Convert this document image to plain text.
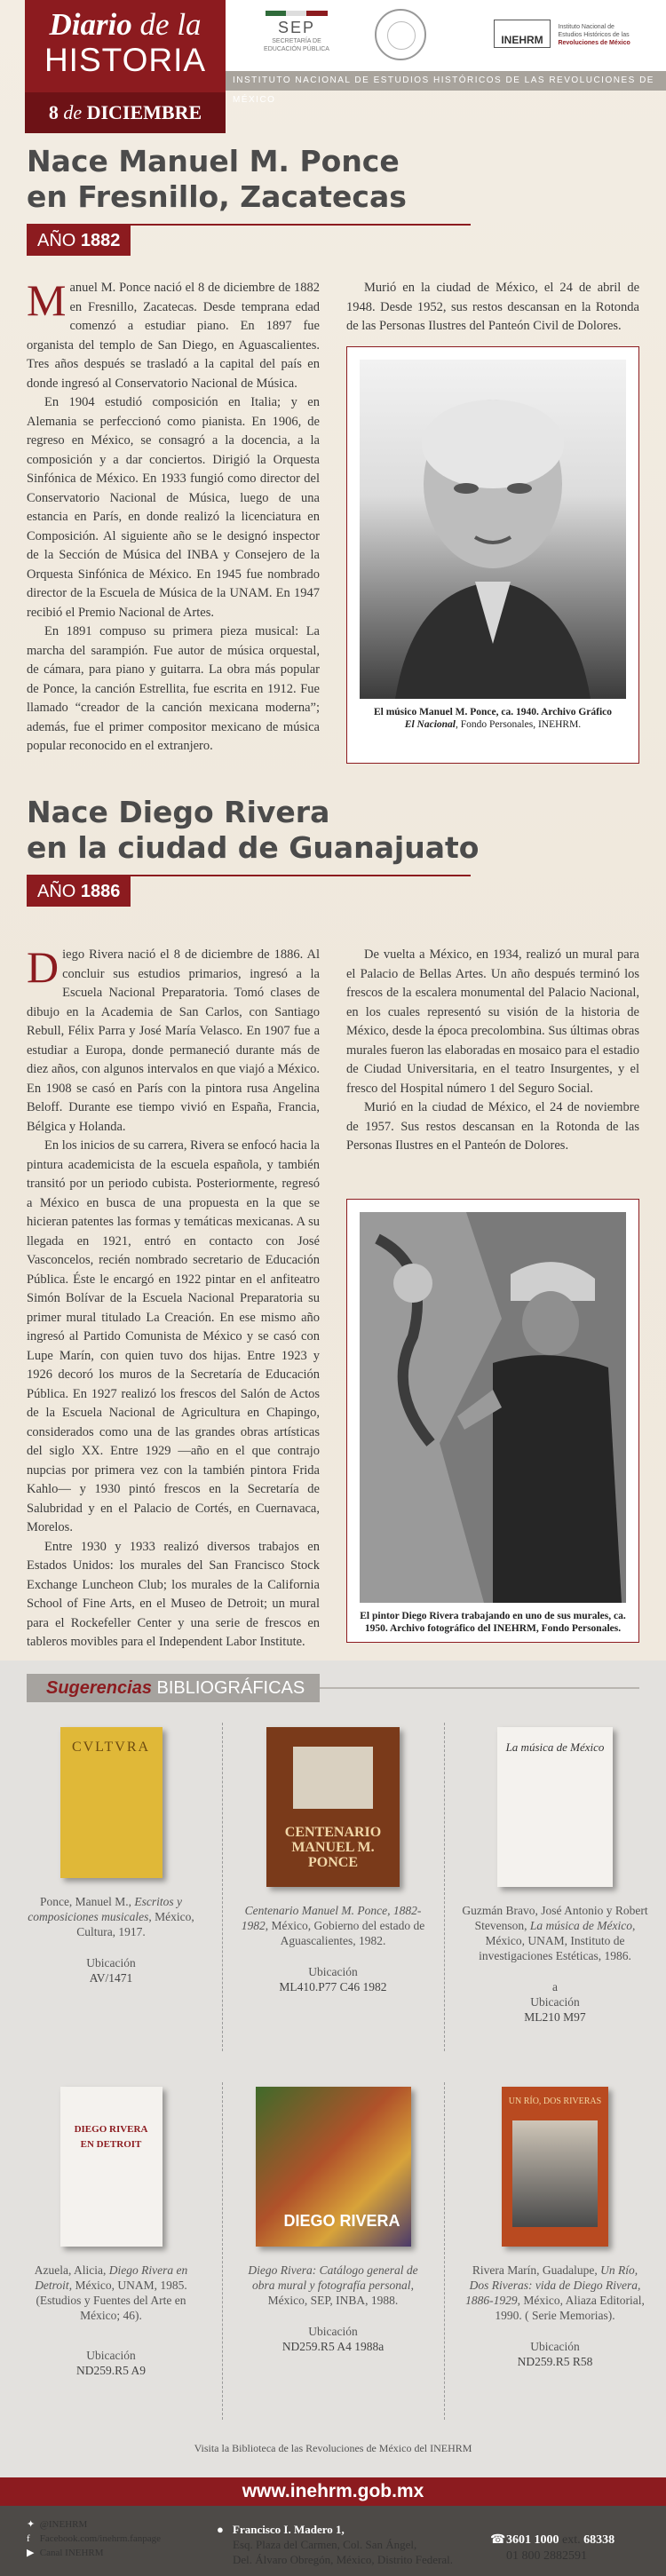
Diario de la
HISTORIA
8 de DICIEMBRE
SEP
SECRETARÍA DE
EDUCACIÓN PÚBLICA
INEHRM Instituto Nacional de
Estudios Históricos de las
Revoluciones de México
INSTITUTO NACIONAL DE ESTUDIOS HISTÓRICOS DE LAS REVOLUCIONES DE MÉXICO
Nace Manuel M. Ponce
en Fresnillo, Zacatecas
AÑO 1882

Manuel M. Ponce nació el 8 de diciembre de 1882 en Fresnillo, Zacatecas. Desde temprana edad comenzó a estudiar piano. En 1897 fue organista del templo de San Diego, en Aguascalientes. Tres años después se trasladó a la capital del país en donde ingresó al Conservatorio Nacional de Música.

En 1904 estudió composición en Italia; y en Alemania se perfeccionó como pianista. En 1906, de regreso en México, se consagró a la docencia, a la composición y a dar conciertos. Dirigió la Orquesta Sinfónica de México. En 1933 fungió como director del Conservatorio Nacional de Música, luego de una estancia en París, en donde realizó la licenciatura en Composición. Al siguiente año se le designó inspector de la Sección de Música del INBA y Consejero de la Orquesta Sinfónica de México. En 1945 fue nombrado director de la Escuela de Música de la UNAM. En 1947 recibió el Premio Nacional de Artes.

En 1891 compuso su primera pieza musical: La marcha del sarampión. Fue autor de música orquestal, de cámara, para piano y guitarra. La obra más popular de Ponce, la canción Estrellita, fue escrita en 1912. Fue llamado “creador de la canción mexicana moderna”; además, fue el primer compositor mexicano de música popular reconocido en el extranjero.

Murió en la ciudad de México, el 24 de abril de 1948. Desde 1952, sus restos descansan en la Rotonda de las Personas Ilustres del Panteón Civil de Dolores.

El músico Manuel M. Ponce, ca. 1940. Archivo Gráfico
El Nacional, Fondo Personales, INEHRM.
Nace Diego Rivera
en la ciudad de Guanajuato
AÑO 1886

Diego Rivera nació el 8 de diciembre de 1886. Al concluir sus estudios primarios, ingresó a la Escuela Nacional Preparatoria. Tomó clases de dibujo en la Academia de San Carlos, con Santiago Rebull, Félix Parra y José María Velasco. En 1907 fue a estudiar a Europa, donde permaneció durante más de diez años, con algunos intervalos en que viajó a México. En 1908 se casó en París con la pintora rusa Angelina Beloff. Durante ese tiempo vivió en España, Francia, Bélgica y Holanda.

En los inicios de su carrera, Rivera se enfocó hacia la pintura academicista de la escuela española, y también transitó por un periodo cubista. Posteriormente, regresó a México en busca de una propuesta en la que se hicieran patentes las formas y temáticas mexicanas. A su llegada en 1921, entró en contacto con José Vasconcelos, recién nombrado secretario de Educación Pública. Éste le encargó en 1922 pintar en el anfiteatro Simón Bolívar de la Escuela Nacional Preparatoria su primer mural titulado La Creación. En ese mismo año ingresó al Partido Comunista de México y se casó con Lupe Marín, con quien tuvo dos hijas. Entre 1923 y 1926 decoró los muros de la Secretaría de Educación Pública. En 1927 realizó los frescos del Salón de Actos de la Escuela Nacional de Agricultura en Chapingo, considerados como una de las grandes obras artísticas del siglo XX. Entre 1929 —año en el que contrajo nupcias por primera vez con la también pintora Frida Kahlo— y 1930 pintó frescos en la Secretaría de Salubridad y en el Palacio de Cortés, en Cuernavaca, Morelos.

Entre 1930 y 1933 realizó diversos trabajos en Estados Unidos: los murales del San Francisco Stock Exchange Luncheon Club; los murales de la California School of Fine Arts, en el Museo de Detroit; un mural para el Rockefeller Center y una serie de frescos en tableros movibles para el Independent Labor Institute.

De vuelta a México, en 1934, realizó un mural para el Palacio de Bellas Artes. Un año después terminó los frescos de la escalera monumental del Palacio Nacional, en los cuales representó su visión de la historia de México, desde la época precolombina. Sus últimas obras murales fueron las elaboradas en mosaico para el estadio de Ciudad Universitaria, en el teatro Insurgentes, y el fresco del Hospital número 1 del Seguro Social.

Murió en la ciudad de México, el 24 de noviembre de 1957. Sus restos descansan en la Rotonda de las Personas Ilustres en el Panteón de Dolores.

El pintor Diego Rivera trabajando en uno de sus murales, ca. 1950. Archivo fotográfico del INEHRM, Fondo Personales.
Sugerencias BIBLIOGRÁFICAS
CVLTVRA
Ponce, Manuel M., Escritos y composiciones musicales, México, Cultura, 1917.
Ubicación
AV/1471
CENTENARIO MANUEL M. PONCE
Centenario Manuel M. Ponce, 1882-1982, México, Gobierno del estado de Aguascalientes, 1982.
Ubicación
ML410.P77 C46 1982
La música de México
Guzmán Bravo, José Antonio y Robert Stevenson, La música de México, México, UNAM, Instituto de investigaciones Estéticas, 1986.
a
Ubicación
ML210 M97
DIEGO RIVERA EN DETROIT
Azuela, Alicia, Diego Rivera en Detroit, México, UNAM, 1985. (Estudios y Fuentes del Arte en México; 46).
Ubicación
ND259.R5 A9
DIEGO RIVERA
Diego Rivera: Catálogo general de obra mural y fotografía personal, México, SEP, INBA, 1988.
Ubicación
ND259.R5 A4 1988a
UN RÍO, DOS RIVERAS
Rivera Marín, Guadalupe, Un Río, Dos Riveras: vida de Diego Rivera, 1886-1929, México, Aliaza Editorial, 1990. ( Serie Memorias).
Ubicación
ND259.R5 R58
Visita la Biblioteca de las Revoluciones de México del INEHRM
www.inehrm.gob.mx
✦ @INEHRM
f Facebook.com/inehrm.fanpage
▶ Canal INEHRM
● Francisco I. Madero 1,
Esq. Plaza del Carmen, Col. San Ángel,
Del. Álvaro Obregón, México, Distrito Federal.
☎ 3601 1000 ext. 68338
01 800 2882591
